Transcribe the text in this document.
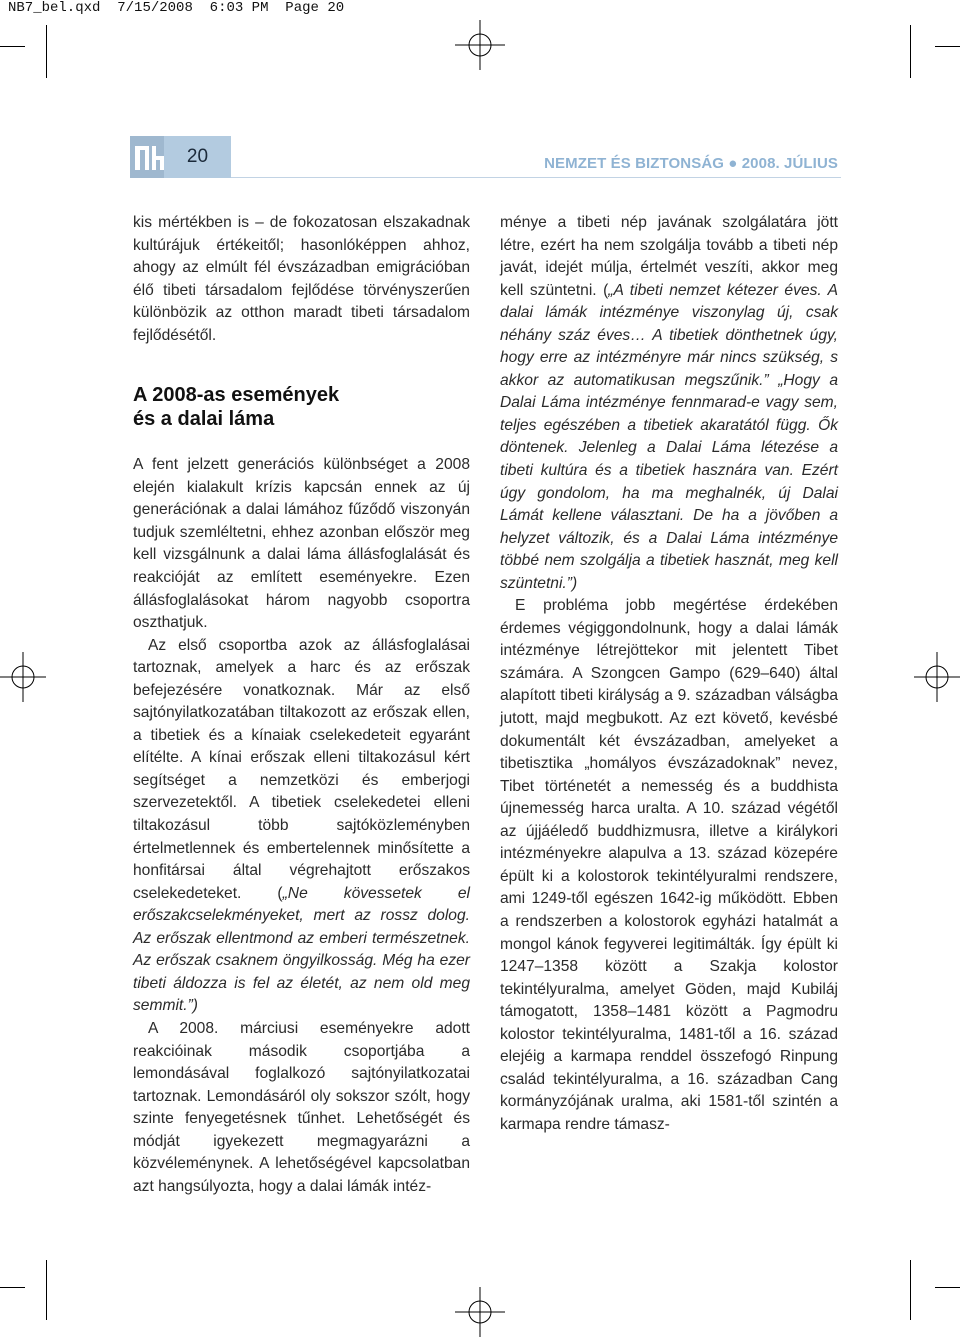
NB7_bel.qxd 7/15/2008 6:03 PM Page 20
20	NEMZET ÉS BIZTONSÁG ● 2008. JÚLIUS

kis mértékben is – de fokozatosan elszakadnak kultúrájuk értékeitől; hasonlóképpen ahhoz, ahogy az elmúlt fél évszázadban emigrációban élő tibeti társadalom fejlődése törvényszerűen különbözik az otthon maradt tibeti társadalom fejlődésétől.

A 2008-as események
és a dalai láma

A fent jelzett generációs különbséget a 2008 elején kialakult krízis kapcsán ennek az új generációnak a dalai lámához fűződő viszonyán tudjuk szemléltetni, ehhez azonban először meg kell vizsgálnunk a dalai láma állásfoglalását és reakcióját az említett eseményekre. Ezen állásfoglalásokat három nagyobb csoportra oszthatjuk.

Az első csoportba azok az állásfoglalásai tartoznak, amelyek a harc és az erőszak befejezésére vonatkoznak. Már az első sajtónyilatkozatában tiltakozott az erőszak ellen, a tibetiek és a kínaiak cselekedeteit egyaránt elítélte. A kínai erőszak elleni tiltakozásul kért segítséget a nemzetközi és emberjogi szervezetektől. A tibetiek cselekedetei elleni tiltakozásul több sajtóközleményben értelmetlennek és embertelennek minősítette a honfitársai által végrehajtott erőszakos cselekedeteket. („Ne kövessetek el erőszakcselekményeket, mert az rossz dolog. Az erőszak ellentmond az emberi természetnek. Az erőszak csaknem öngyilkosság. Még ha ezer tibeti áldozza is fel az életét, az nem old meg semmit.”)

A 2008. márciusi eseményekre adott reakcióinak második csoportjába a lemondásával foglalkozó sajtónyilatkozatai tartoznak. Lemondásáról oly sokszor szólt, hogy szinte fenyegetésnek tűnhet. Lehetőségét és módját igyekezett megmagyarázni a közvéleménynek. A lehetőségével kapcsolatban azt hangsúlyozta, hogy a dalai lámák intéz-

ménye a tibeti nép javának szolgálatára jött létre, ezért ha nem szolgálja tovább a tibeti nép javát, idejét múlja, értelmét veszíti, akkor meg kell szüntetni. („A tibeti nemzet kétezer éves. A dalai lámák intézménye viszonylag új, csak néhány száz éves… A tibetiek dönthetnek úgy, hogy erre az intézményre már nincs szükség, s akkor az automatikusan megszűnik.” „Hogy a Dalai Láma intézménye fennmarad-e vagy sem, teljes egészében a tibetiek akaratától függ. Ők döntenek. Jelenleg a Dalai Láma létezése a tibeti kultúra és a tibetiek hasznára van. Ezért úgy gondolom, ha ma meghalnék, új Dalai Lámát kellene választani. De ha a jövőben a helyzet változik, és a Dalai Láma intézménye többé nem szolgálja a tibetiek hasznát, meg kell szüntetni.”)

E probléma jobb megértése érdekében érdemes végiggondolnunk, hogy a dalai lámák intézménye létrejöttekor mit jelentett Tibet számára. A Szongcen Gampo (629–640) által alapított tibeti királyság a 9. században válságba jutott, majd megbukott. Az ezt követő, kevésbé dokumentált két évszázadban, amelyeket a tibetisztika „homályos évszázadoknak” nevez, Tibet történetét a nemesség és a buddhista újnemesség harca uralta. A 10. század végétől az újjáéledő buddhizmusra, illetve a királykori intézményekre alapulva a 13. század közepére épült ki a kolostorok tekintélyuralmi rendszere, ami 1249-től egészen 1642-ig működött. Ebben a rendszerben a kolostorok egyházi hatalmát a mongol kánok fegyverei legitimálták. Így épült ki 1247–1358 között a Szakja kolostor tekintélyuralma, amelyet Göden, majd Kubiláj támogatott, 1358–1481 között a Pagmodru kolostor tekintélyuralma, 1481-től a 16. század elejéig a karmapa renddel összefogó Rinpung család tekintélyuralma, a 16. században Cang kormányzójának uralma, aki 1581-től szintén a karmapa rendre támasz-
